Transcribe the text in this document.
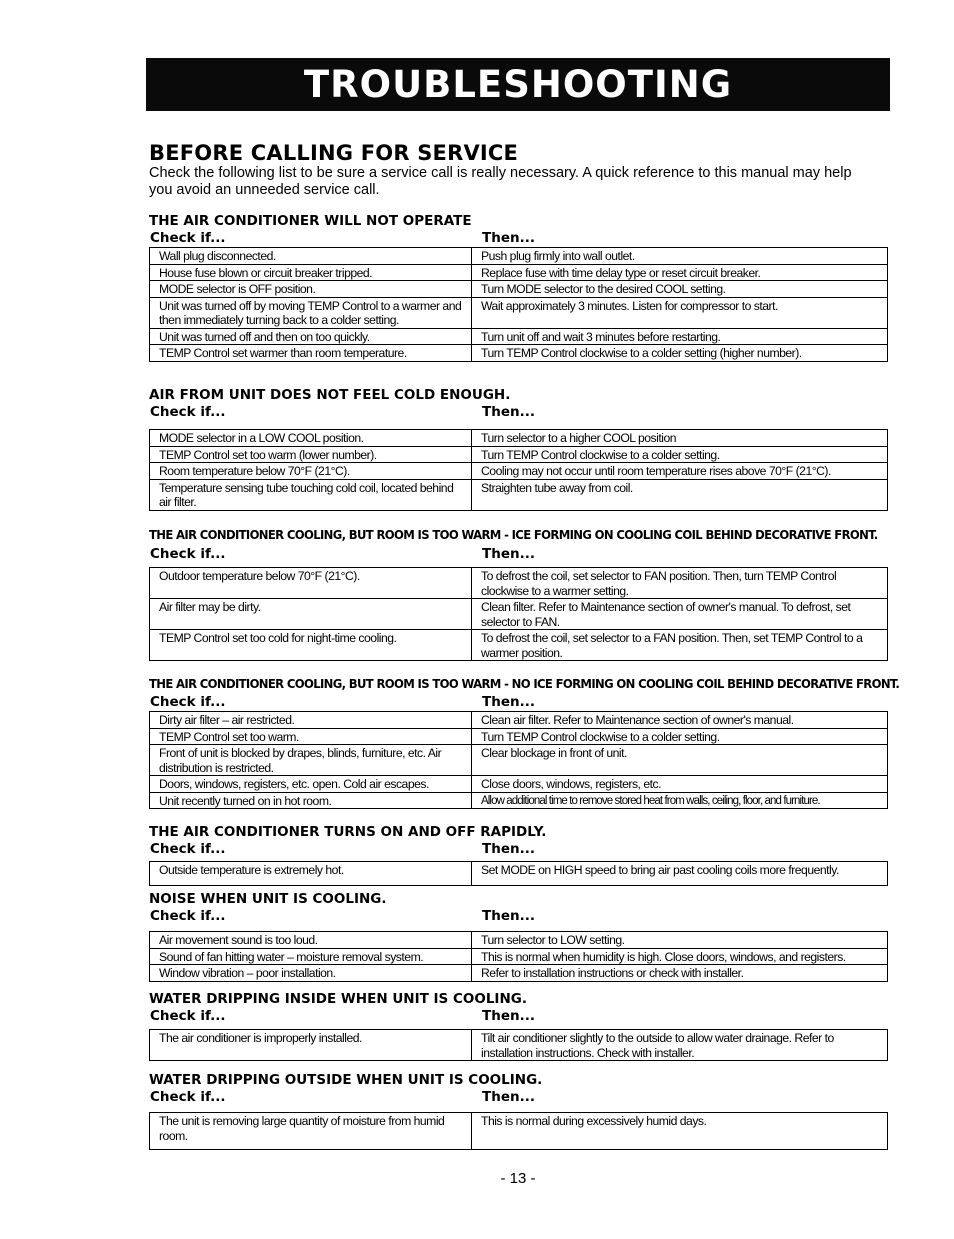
TROUBLESHOOTING
BEFORE CALLING FOR SERVICE

Check the following list to be sure a service call is really necessary. A quick reference to this manual may help you avoid an unneeded service call.

THE AIR CONDITIONER WILL NOT OPERATE
Check if...	Then...
Wall plug disconnected.	Push plug firmly into wall outlet.
House fuse blown or circuit breaker tripped.	Replace fuse with time delay type or reset circuit breaker.
MODE selector is OFF position.	Turn MODE selector to the desired COOL setting.
Unit was turned off by moving TEMP Control to a warmer and then immediately turning back to a colder setting.	Wait approximately 3 minutes. Listen for compressor to start.
Unit was turned off and then on too quickly.	Turn unit off and wait 3 minutes before restarting.
TEMP Control set warmer than room temperature.	Turn TEMP Control clockwise to a colder setting (higher number).
AIR FROM UNIT DOES NOT FEEL COLD ENOUGH.
Check if...	Then...
MODE selector in a LOW COOL position.	Turn selector to a higher COOL position
TEMP Control set too warm (lower number).	Turn TEMP Control clockwise to a colder setting.
Room temperature below 70°F (21°C).	Cooling may not occur until room temperature rises above 70°F (21°C).
Temperature sensing tube touching cold coil, located behind air filter.	Straighten tube away from coil.
THE AIR CONDITIONER COOLING, BUT ROOM IS TOO WARM - ICE FORMING ON COOLING COIL BEHIND DECORATIVE FRONT.
Check if...	Then...
Outdoor temperature below 70°F (21°C).	To defrost the coil, set selector to FAN position. Then, turn TEMP Control clockwise to a warmer setting.
Air filter may be dirty.	Clean filter. Refer to Maintenance section of owner's manual. To defrost, set selector to FAN.
TEMP Control set too cold for night-time cooling.	To defrost the coil, set selector to a FAN position. Then, set TEMP Control to a warmer position.
THE AIR CONDITIONER COOLING, BUT ROOM IS TOO WARM - NO ICE FORMING ON COOLING COIL BEHIND DECORATIVE FRONT.
Check if...	Then...
Dirty air filter – air restricted.	Clean air filter. Refer to Maintenance section of owner's manual.
TEMP Control set too warm.	Turn TEMP Control clockwise to a colder setting.
Front of unit is blocked by drapes, blinds, furniture, etc. Air distribution is restricted.	Clear blockage in front of unit.
Doors, windows, registers, etc. open. Cold air escapes.	Close doors, windows, registers, etc.
Unit recently turned on in hot room.	Allow additional time to remove stored heat from walls, ceiling, floor, and furniture.
THE AIR CONDITIONER TURNS ON AND OFF RAPIDLY.
Check if...	Then...
Outside temperature is extremely hot.	Set MODE on HIGH speed to bring air past cooling coils more frequently.
NOISE WHEN UNIT IS COOLING.
Check if...	Then...
Air movement sound is too loud.	Turn selector to LOW setting.
Sound of fan hitting water – moisture removal system.	This is normal when humidity is high. Close doors, windows, and registers.
Window vibration – poor installation.	Refer to installation instructions or check with installer.
WATER DRIPPING INSIDE WHEN UNIT IS COOLING.
Check if...	Then...
The air conditioner is improperly installed.	Tilt air conditioner slightly to the outside to allow water drainage. Refer to installation instructions. Check with installer.
WATER DRIPPING OUTSIDE WHEN UNIT IS COOLING.
Check if...	Then...
The unit is removing large quantity of moisture from humid room.	This is normal during excessively humid days.
- 13 -
